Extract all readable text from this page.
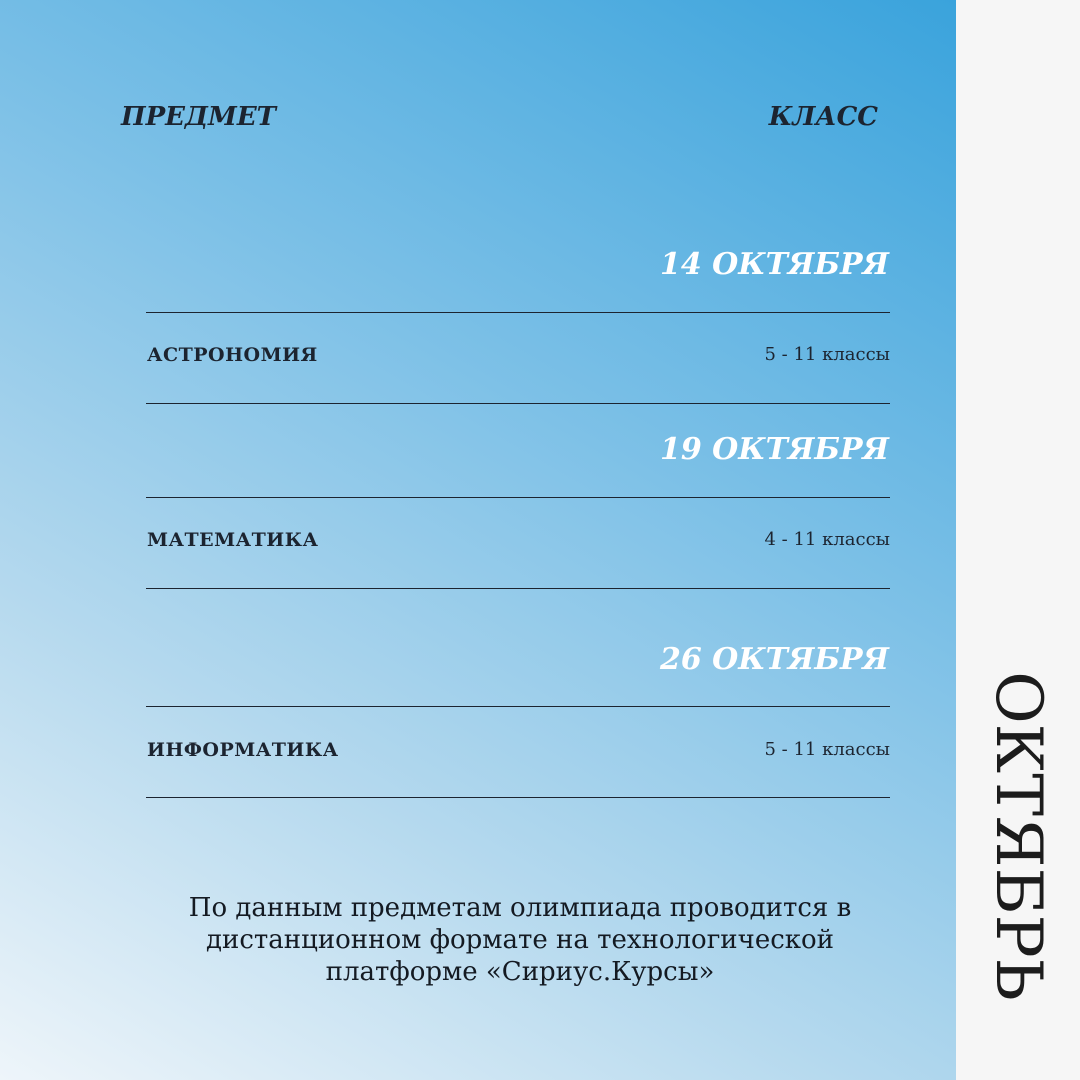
ОКТЯБРЬ
ПРЕДМЕТ	КЛАСС
14 ОКТЯБРЯ
АСТРОНОМИЯ	5 - 11 классы
19 ОКТЯБРЯ
МАТЕМАТИКА	4 - 11 классы
26 ОКТЯБРЯ
ИНФОРМАТИКА	5 - 11 классы
По данным предметам олимпиада проводится в
дистанционном формате на технологической
платформе «Сириус.Курсы»
